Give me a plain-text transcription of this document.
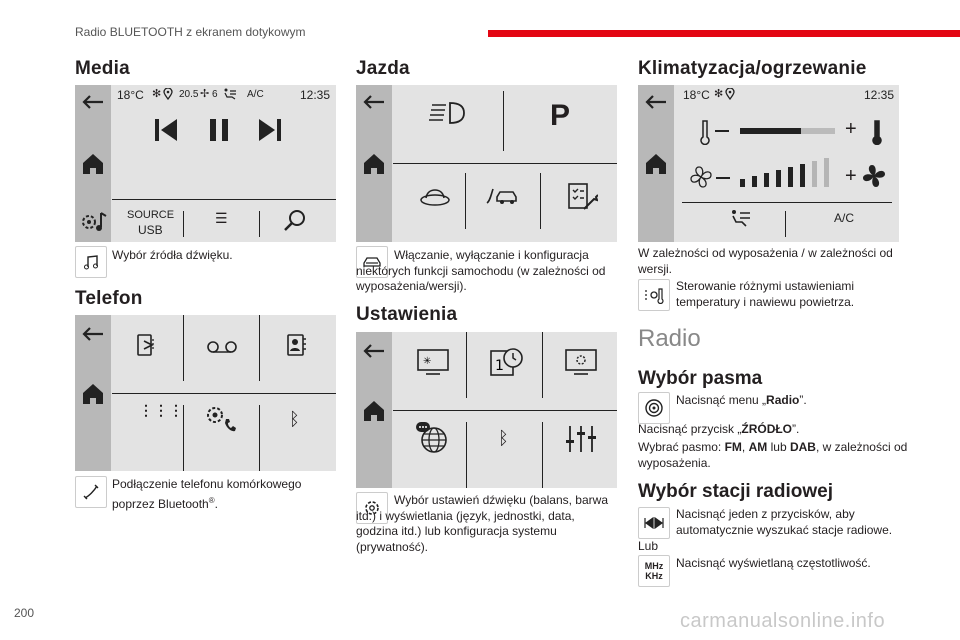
Radio BLUETOOTH z ekranem dotykowym
Media
18°C ✻ 20.5 ✢ 6	A/C	12:35
SOURCE
USB
☰
Wybór źródła dźwięku.
Telefon
⋮⋮⋮	ᛒ
Podłączenie telefonu komórkowego
poprzez Bluetooth®.
Jazda
P
Włączanie, wyłączanie i konfiguracja niektórych funkcji samochodu (w zależności od wyposażenia/wersji).
Ustawienia
✳	1
ᛒ
Wybór ustawień dźwięku (balans, barwa itd.) i wyświetlania (język, jednostki, data, godzina itd.) lub konfiguracja systemu (prywatność).
Klimatyzacja/ogrzewanie
18°C ✻	12:35
+
+
A/C
W zależności od wyposażenia / w zależności od wersji.
Sterowanie różnymi ustawieniami temperatury i nawiewu powietrza.
Radio
Wybór pasma
Nacisnąć menu „Radio”.
Nacisnąć przycisk „ŹRÓDŁO”.
Wybrać pasmo: FM, AM lub DAB, w zależności od wyposażenia.
Wybór stacji radiowej
Nacisnąć jeden z przycisków, aby automatycznie wyszukać stacje radiowe.
Lub
MHz
KHz
Nacisnąć wyświetlaną częstotliwość.
200	carmanualsonline.info
